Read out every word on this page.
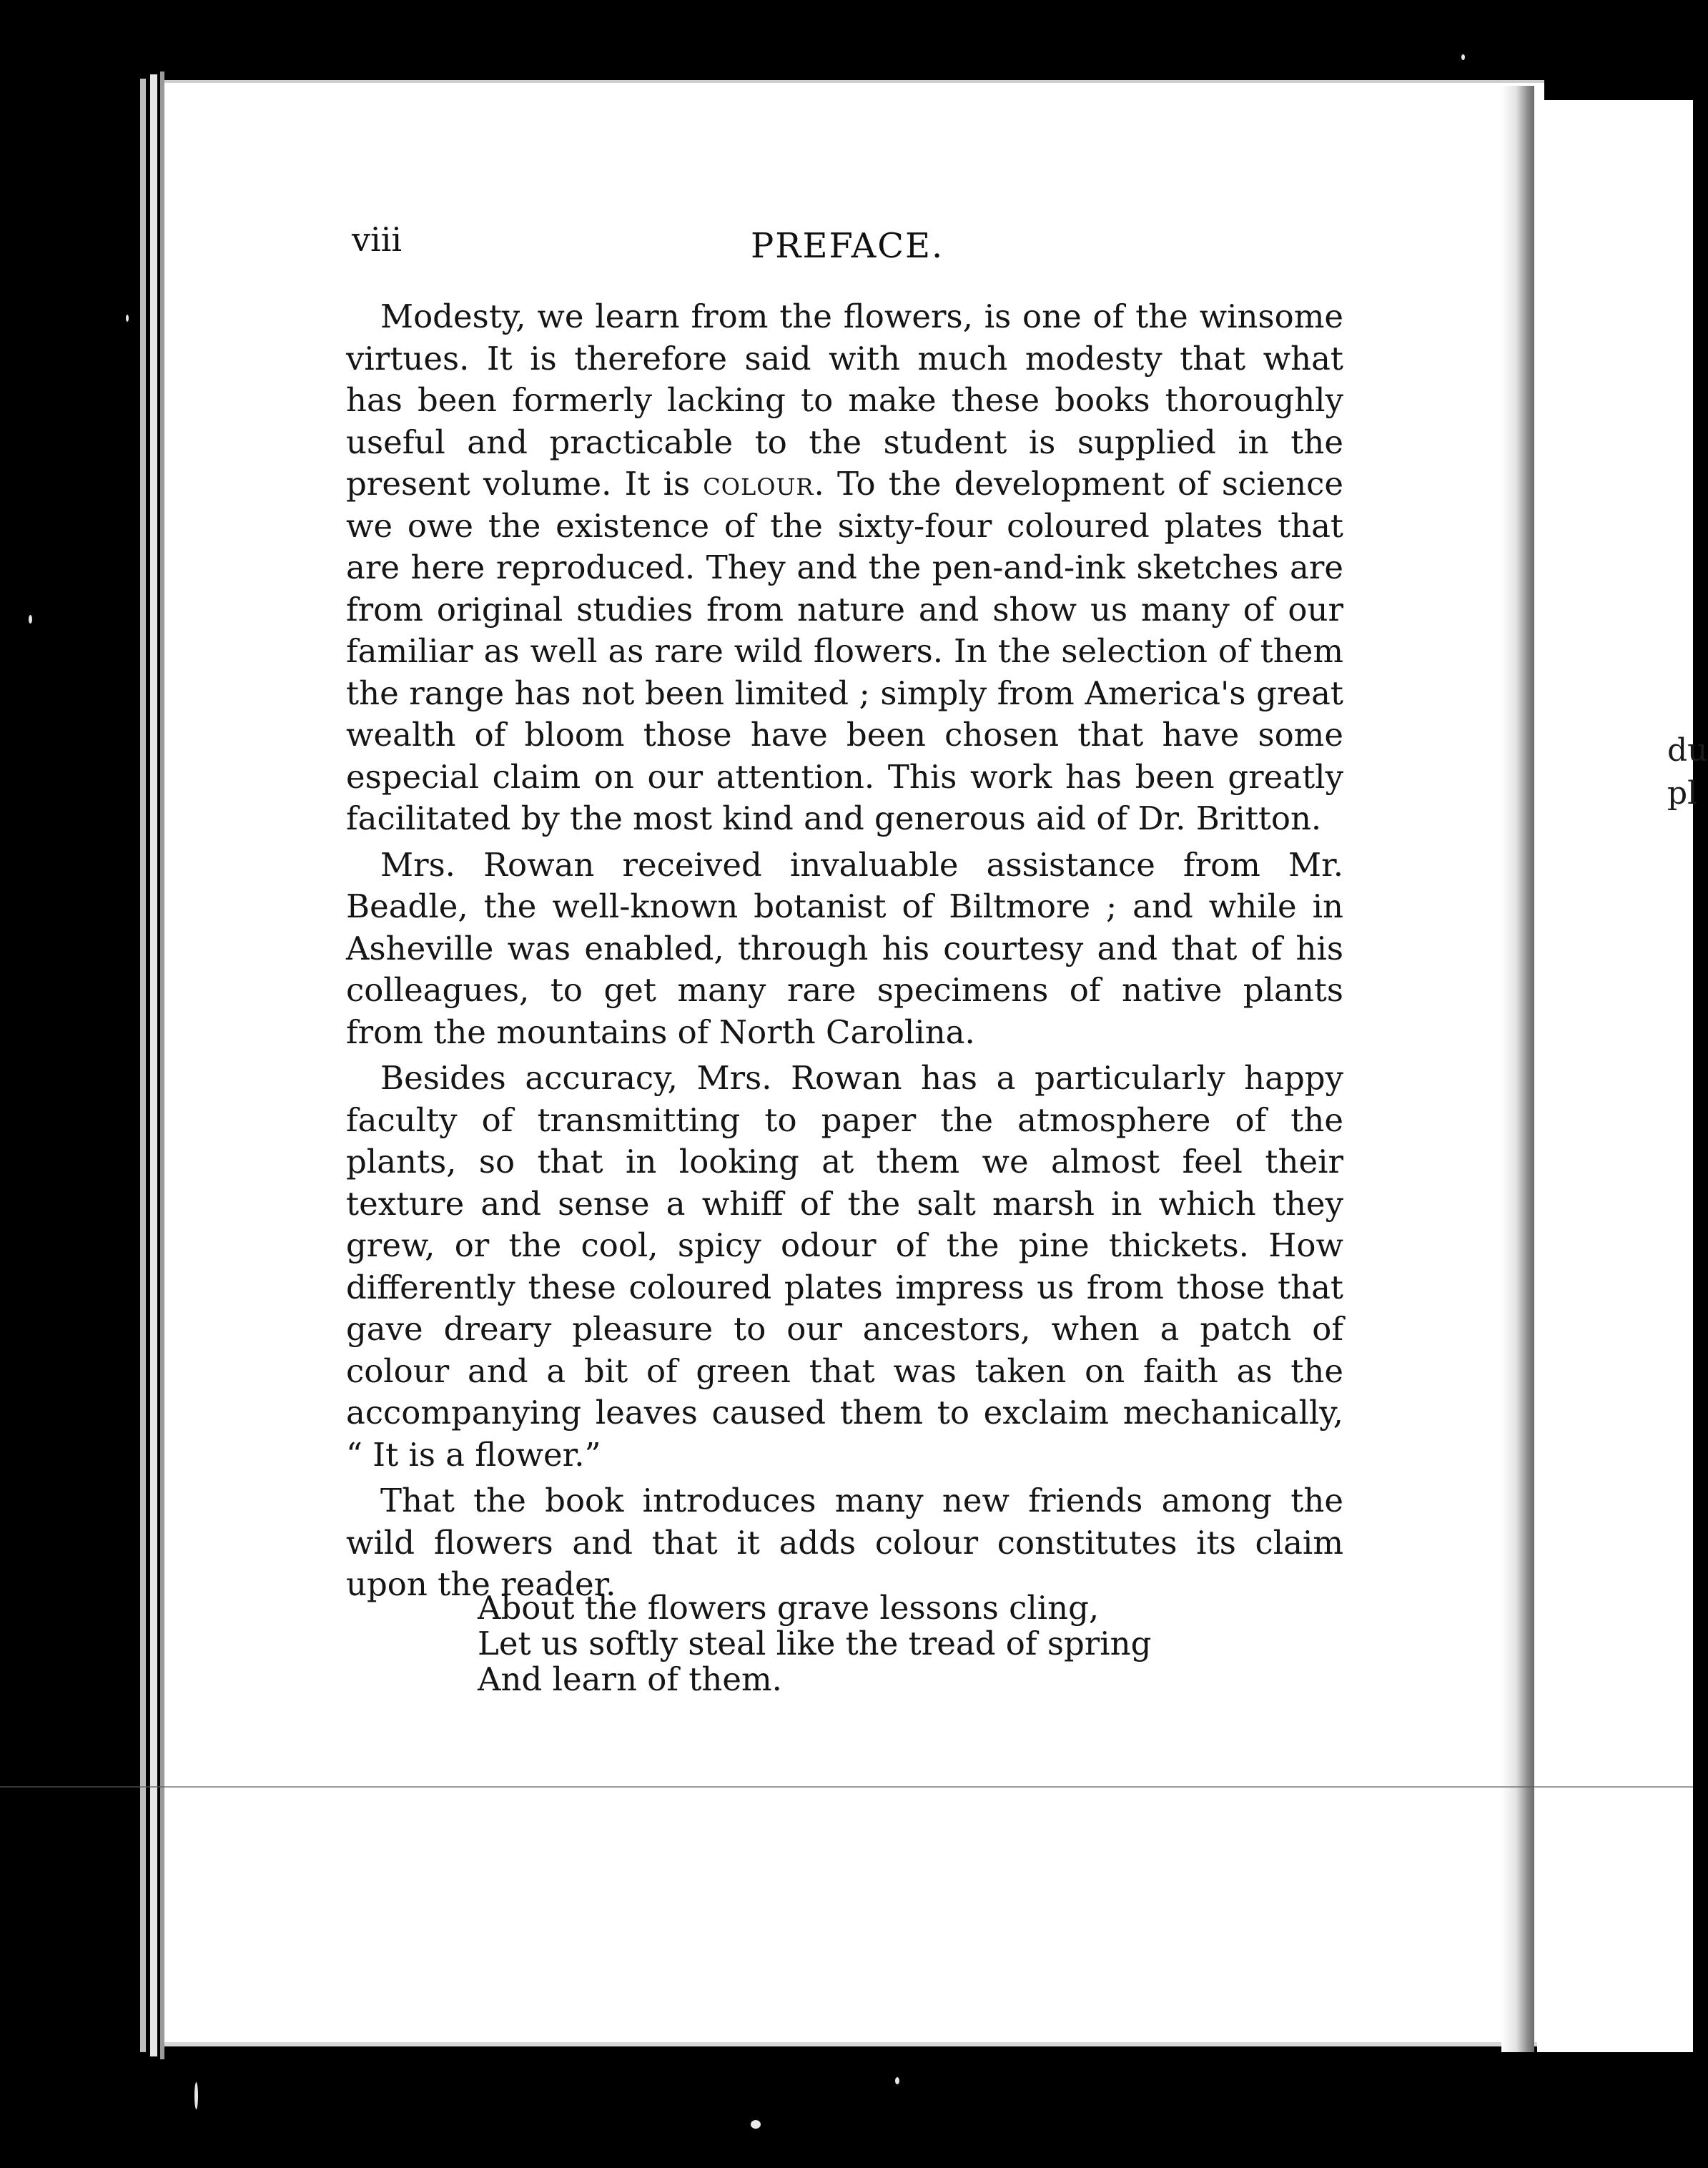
du
pl
viii	PREFACE.

Modesty, we learn from the flowers, is one of the winsome virtues. It is therefore said with much modesty that what has been formerly lacking to make these books thoroughly useful and practicable to the student is supplied in the present volume. It is colour. To the development of science we owe the existence of the sixty-four coloured plates that are here reproduced. They and the pen-and-ink sketches are from original studies from nature and show us many of our familiar as well as rare wild flowers. In the selection of them the range has not been limited ; simply from America's great wealth of bloom those have been chosen that have some especial claim on our attention. This work has been greatly facilitated by the most kind and generous aid of Dr. Britton.

Mrs. Rowan received invaluable assistance from Mr. Beadle, the well-known botanist of Biltmore ; and while in Asheville was enabled, through his courtesy and that of his colleagues, to get many rare specimens of native plants from the mountains of North Carolina.

Besides accuracy, Mrs. Rowan has a particularly happy faculty of transmitting to paper the atmosphere of the plants, so that in looking at them we almost feel their texture and sense a whiff of the salt marsh in which they grew, or the cool, spicy odour of the pine thickets. How differently these coloured plates impress us from those that gave dreary pleasure to our ancestors, when a patch of colour and a bit of green that was taken on faith as the accompanying leaves caused them to exclaim mechanically, “ It is a flower.”

That the book introduces many new friends among the wild flowers and that it adds colour constitutes its claim upon the reader.

About the flowers grave lessons cling,
Let us softly steal like the tread of spring
And learn of them.
